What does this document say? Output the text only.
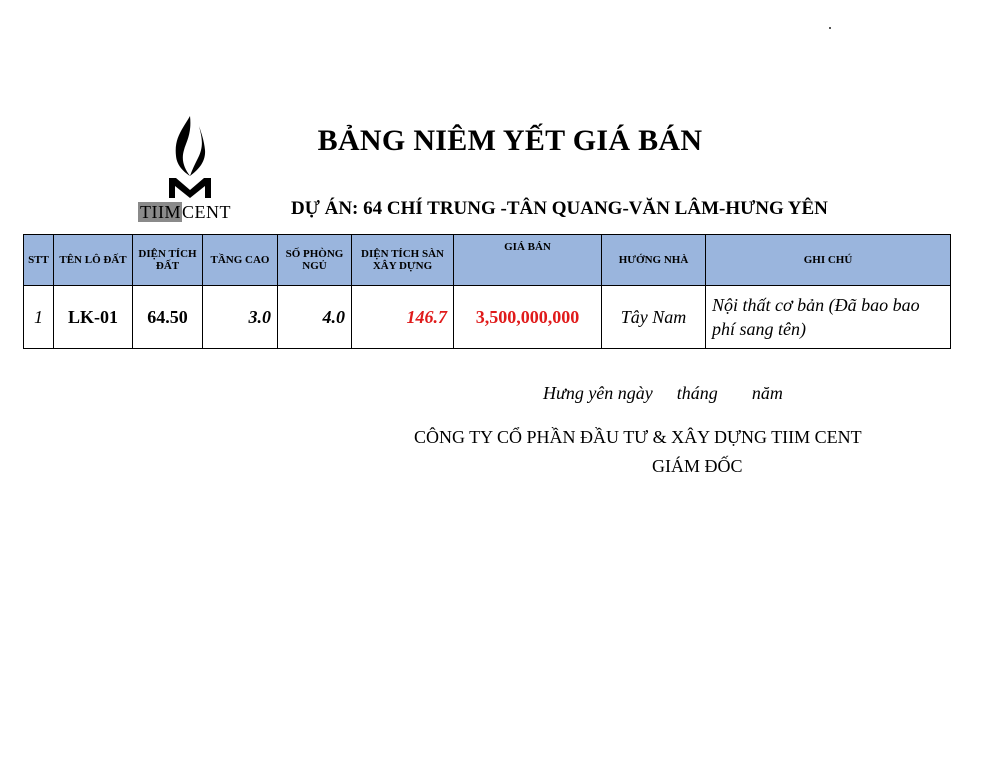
TIIMCENT
BẢNG NIÊM YẾT GIÁ BÁN
DỰ ÁN: 64 CHÍ TRUNG -TÂN QUANG-VĂN LÂM-HƯNG YÊN
STT	TÊN LÔ ĐẤT	DIỆN TÍCH ĐẤT	TẦNG CAO	SỐ PHÒNG NGỦ	DIỆN TÍCH SÀN XÂY DỰNG	GIÁ BÁN	HƯỚNG NHÀ	GHI CHÚ
1	LK-01	64.50	3.0	4.0	146.7	3,500,000,000	Tây Nam	Nội thất cơ bản (Đã bao bao phí sang tên)
Hưng yên ngày tháng năm
CÔNG TY CỔ PHẦN ĐẦU TƯ & XÂY DỰNG TIIM CENT
GIÁM ĐỐC
